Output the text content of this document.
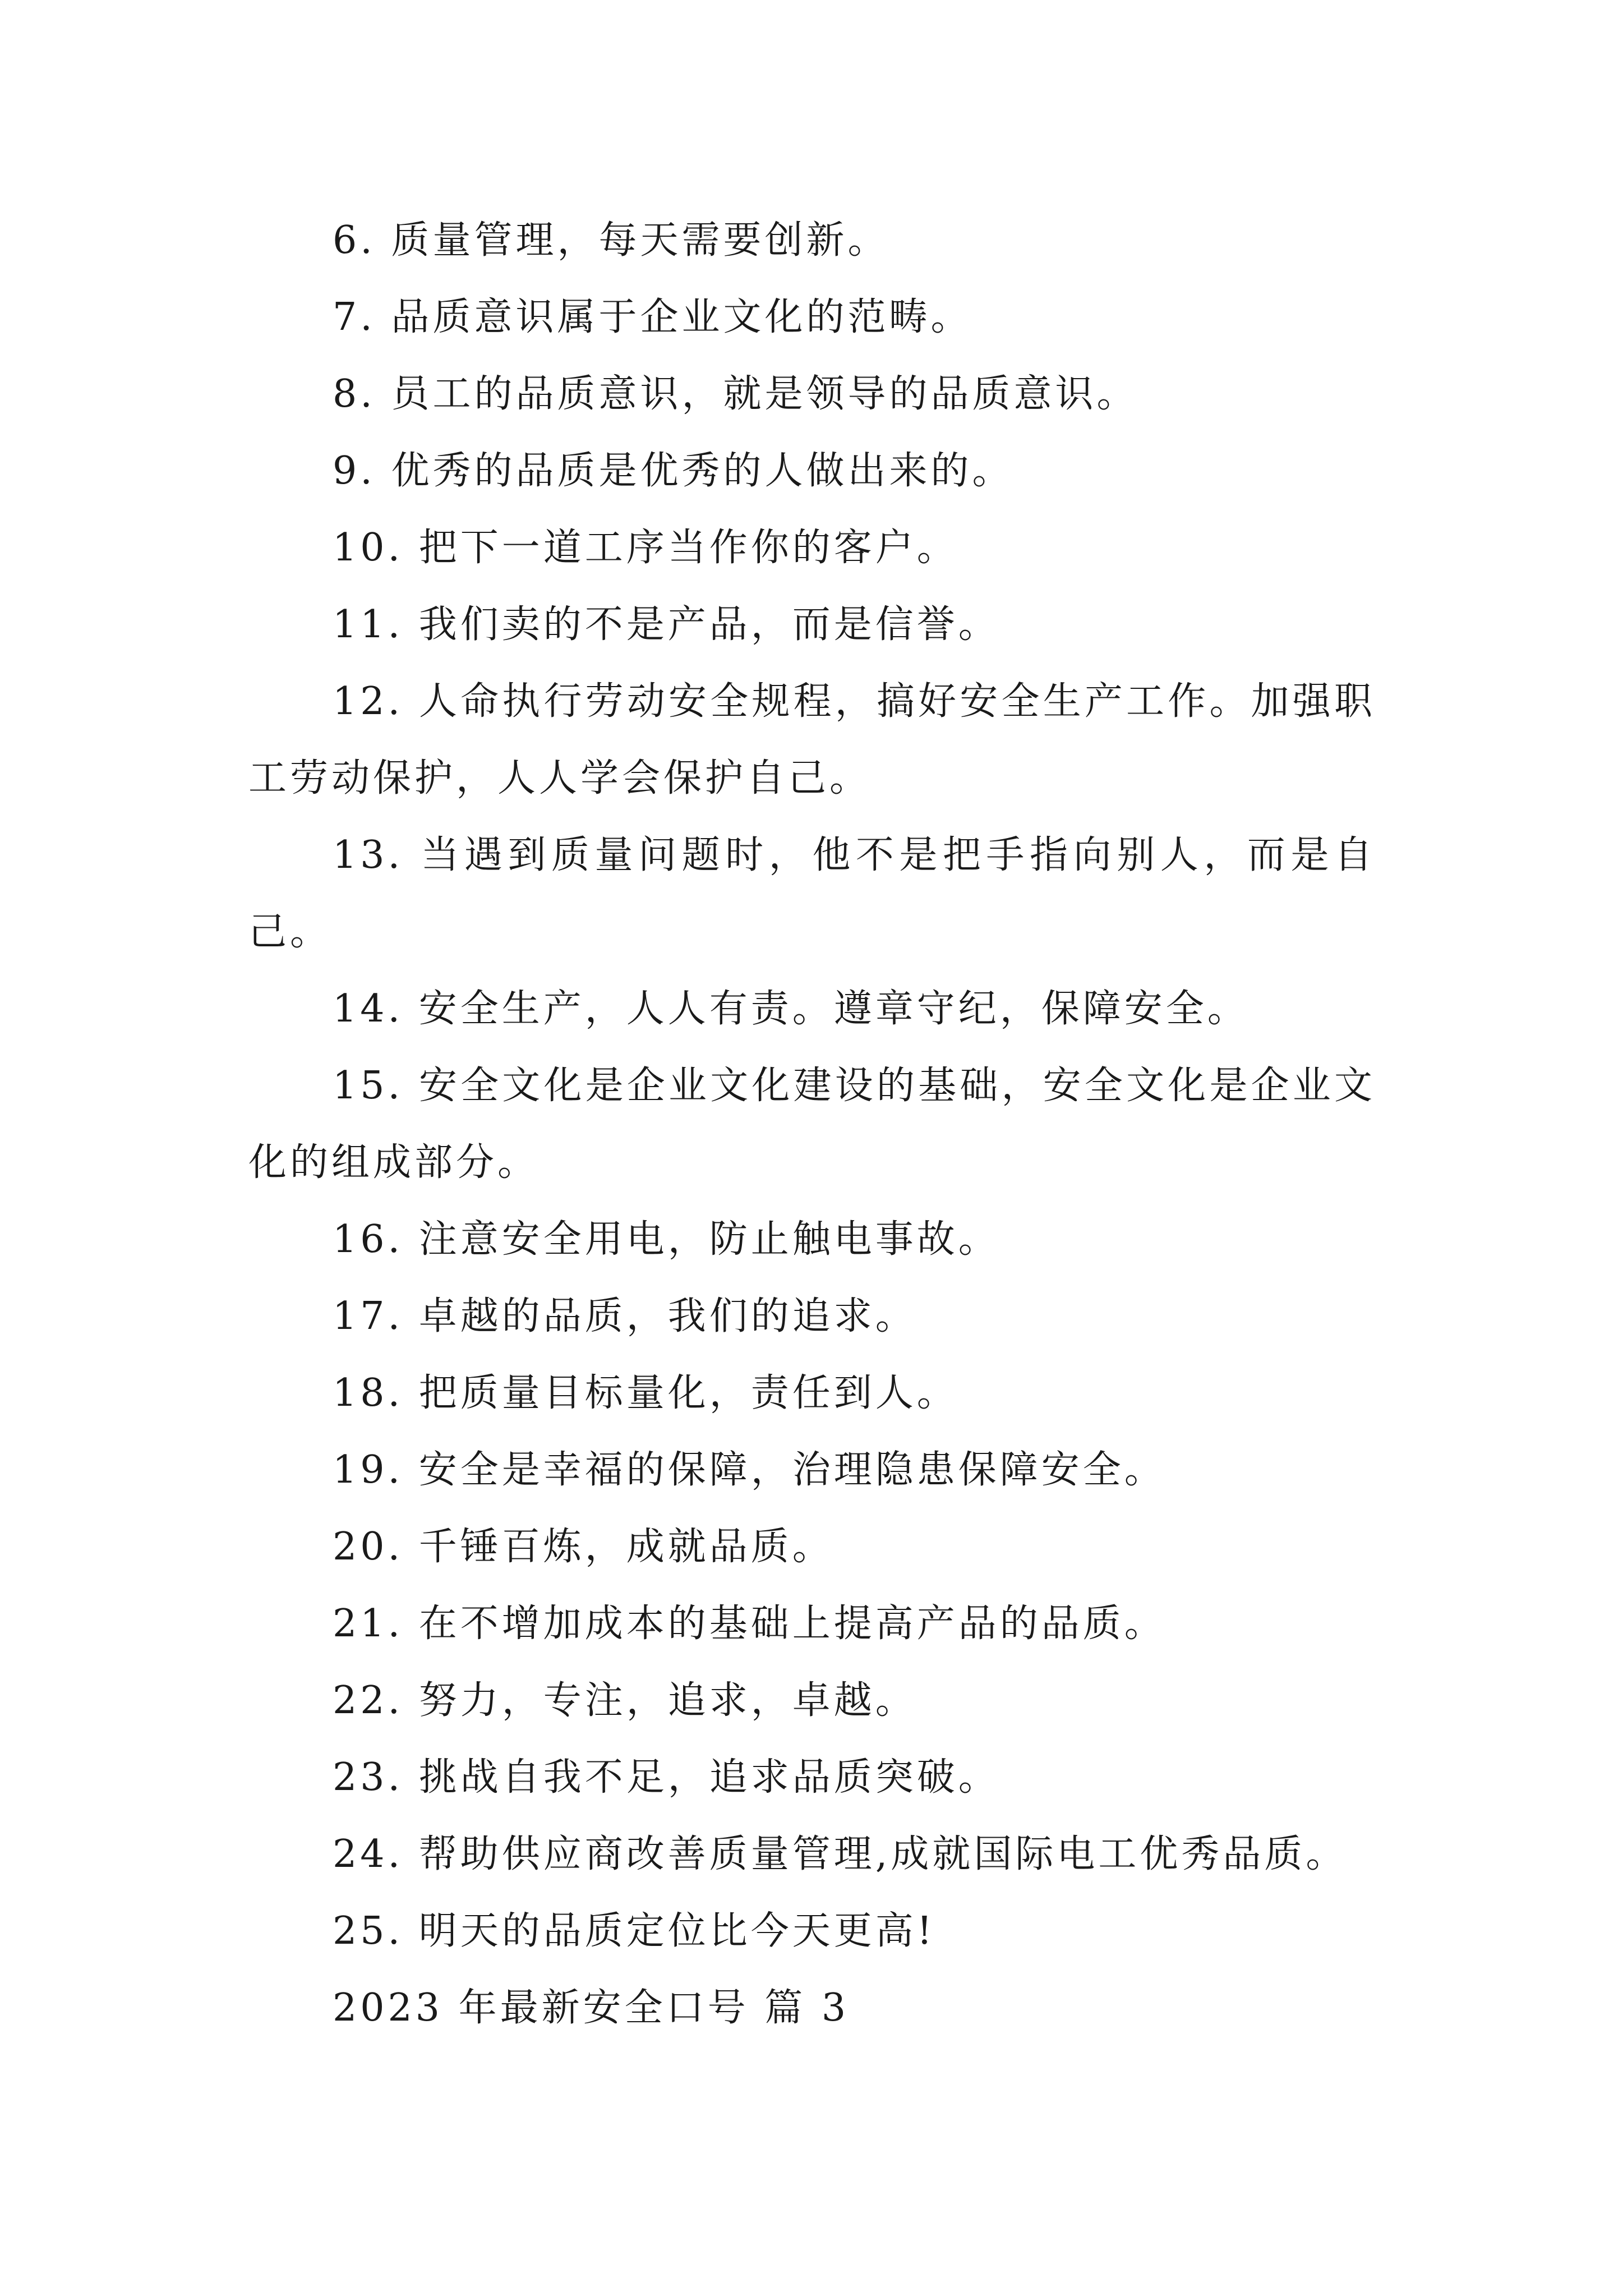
6. 质量管理，每天需要创新。

7. 品质意识属于企业文化的范畴。

8. 员工的品质意识，就是领导的品质意识。

9. 优秀的品质是优秀的人做出来的。

10. 把下一道工序当作你的客户。

11. 我们卖的不是产品，而是信誉。

12. 人命执行劳动安全规程，搞好安全生产工作。加强职工劳动保护，人人学会保护自己。

13. 当遇到质量问题时，他不是把手指向别人，而是自己。

14. 安全生产，人人有责。遵章守纪，保障安全。

15. 安全文化是企业文化建设的基础，安全文化是企业文化的组成部分。

16. 注意安全用电，防止触电事故。

17. 卓越的品质，我们的追求。

18. 把质量目标量化，责任到人。

19. 安全是幸福的保障，治理隐患保障安全。

20. 千锤百炼，成就品质。

21. 在不增加成本的基础上提高产品的品质。

22. 努力，专注，追求，卓越。

23. 挑战自我不足，追求品质突破。

24. 帮助供应商改善质量管理,成就国际电工优秀品质。

25. 明天的品质定位比今天更高!

2023 年最新安全口号 篇 3
